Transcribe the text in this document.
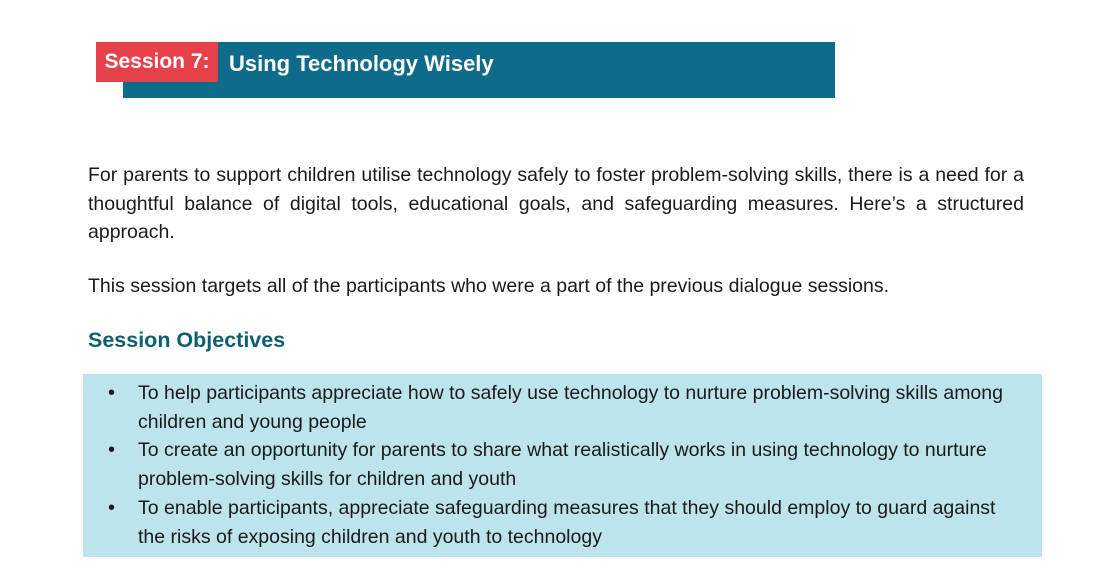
Session 7: Using Technology Wisely

For parents to support children utilise technology safely to foster problem-solving skills, there is a need for a thoughtful balance of digital tools, educational goals, and safeguarding measures. Here’s a structured approach.

This session targets all of the participants who were a part of the previous dialogue sessions.

Session Objectives
• To help participants appreciate how to safely use technology to nurture problem-solving skills among children and young people
• To create an opportunity for parents to share what realistically works in using technology to nurture problem-solving skills for children and youth
• To enable participants, appreciate safeguarding measures that they should employ to guard against the risks of exposing children and youth to technology
